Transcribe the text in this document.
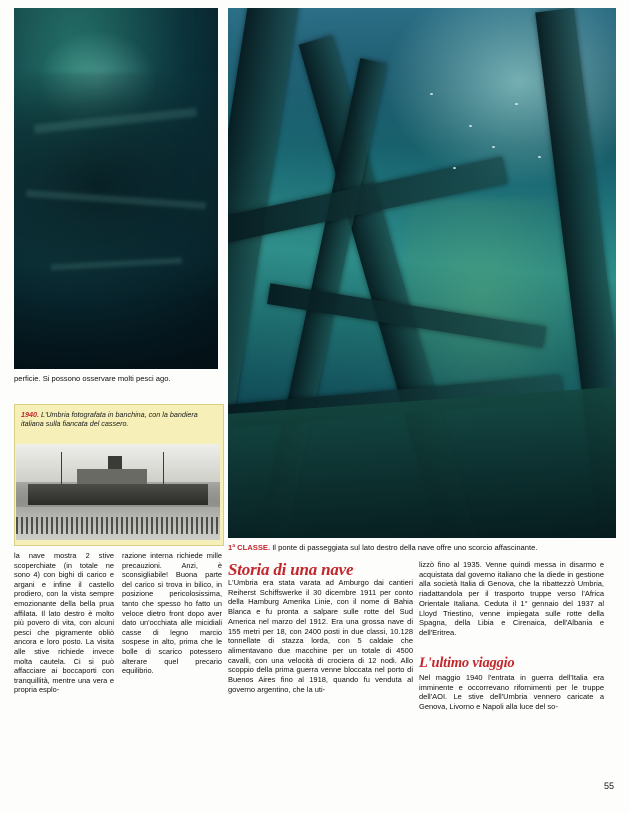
perficie. Si possono osservare molti pesci ago.
1940. L'Umbria fotografata in banchina, con la bandiera italiana sulla fiancata del cassero.
la nave mostra 2 stive scoperchiate (in totale ne sono 4) con bighi di carico e argani e infine il castello prodiero, con la vista sempre emozionante della bella prua affilata. Il lato destro è molto più povero di vita, con alcuni pesci che pigramente obliò ancora e loro posto. La visita alle stive richiede invece molta cautela. Ci si può affacciare ai boccaporti con tranquillità, mentre una vera e propria esplo-
razione interna richiede mille precauzioni. Anzi, è sconsigliabile! Buona parte del carico si trova in bilico, in posizione pericolosissima, tanto che spesso ho fatto un veloce dietro front dopo aver dato un'occhiata alle micidiali casse di legno marcio sospese in alto, prima che le bolle di scarico potessero alterare quel precario equilibrio.
1ª CLASSE. Il ponte di passeggiata sul lato destro della nave offre uno scorcio affascinante.
Storia di una nave
L'Umbria era stata varata ad Amburgo dai cantieri Reiherst Schiffswerke il 30 dicembre 1911 per conto della Hamburg Amerika Linie, con il nome di Bahia Blanca e fu pronta a salpare sulle rotte del Sud America nel marzo del 1912. Era una grossa nave di 155 metri per 18, con 2400 posti in due classi, 10.128 tonnellate di stazza lorda, con 5 caldaie che alimentavano due macchine per un totale di 4500 cavalli, con una velocità di crociera di 12 nodi. Allo scoppio della prima guerra venne bloccata nel porto di Buenos Aires fino al 1918, quando fu venduta al governo argentino, che la uti-
lizzò fino al 1935. Venne quindi messa in disarmo e acquistata dal governo italiano che la diede in gestione alla società Italia di Genova, che la ribattezzò Umbria, riadattandola per il trasporto truppe verso l'Africa Orientale Italiana. Ceduta il 1° gennaio del 1937 al Lloyd Triestino, venne impiegata sulle rotte della Spagna, della Libia e Cirenaica, dell'Albania e dell'Eritrea.
L'ultimo viaggio
Nel maggio 1940 l'entrata in guerra dell'Italia era imminente e occorrevano rifornimenti per le truppe dell'AOI. Le stive dell'Umbria vennero caricate a Genova, Livorno e Napoli alla luce del so-
55
